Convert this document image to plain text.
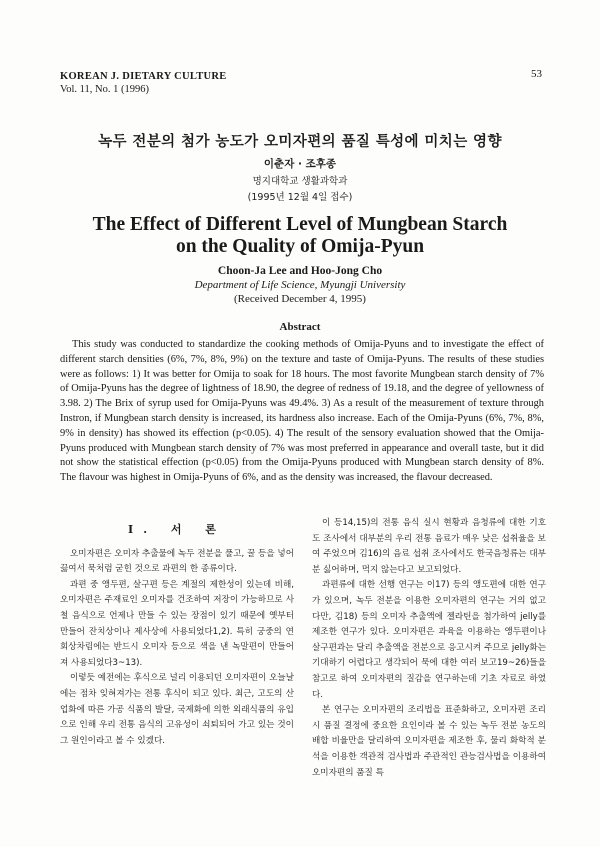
KOREAN J. DIETARY CULTURE
Vol. 11, No. 1 (1996)
53
녹두 전분의 첨가 농도가 오미자편의 품질 특성에 미치는 영향
이춘자 · 조후종
명지대학교 생활과학과
(1995년 12월 4일 접수)
The Effect of Different Level of Mungbean Starch
on the Quality of Omija-Pyun
Choon-Ja Lee and Hoo-Jong Cho
Department of Life Science, Myungji University
(Received December 4, 1995)
Abstract
This study was conducted to standardize the cooking methods of Omija-Pyuns and to investigate the effect of different starch densities (6%, 7%, 8%, 9%) on the texture and taste of Omija-Pyuns. The results of these studies were as follows: 1) It was better for Omija to soak for 18 hours. The most favorite Mungbean starch density of 7% of Omija-Pyuns has the degree of lightness of 18.90, the degree of redness of 19.18, and the degree of yellowness of 3.98. 2) The Brix of syrup used for Omija-Pyuns was 49.4%. 3) As a result of the measurement of texture through Instron, if Mungbean starch density is increased, its hardness also increase. Each of the Omija-Pyuns (6%, 7%, 8%, 9% in density) has showed its effection (p<0.05). 4) The result of the sensory evaluation showed that the Omija-Pyuns produced with Mungbean starch density of 7% was most preferred in appearance and overall taste, but it did not show the statistical effection (p<0.05) from the Omija-Pyuns produced with Mungbean starch density of 8%. The flavour was highest in Omija-Pyuns of 6%, and as the density was increased, the flavour decreased.
I. 서 론

오미자편은 오미자 추출물에 녹두 전분을 풀고, 꿀 등을 넣어 끓여서 묵처럼 굳힌 것으로 과편의 한 종류이다.

과편 중 앵두편, 살구편 등은 계절의 제한성이 있는데 비해, 오미자편은 주재료인 오미자를 건조하여 저장이 가능하므로 사철 음식으로 언제나 만들 수 있는 장점이 있기 때문에 옛부터 만들어 잔치상이나 제사상에 사용되었다1,2). 특히 궁중의 연회상차림에는 반드시 오미자 등으로 색을 낸 녹말편이 만들어져 사용되었다3~13).

이렇듯 예전에는 후식으로 널리 이용되던 오미자편이 오늘날에는 점차 잊혀져가는 전통 후식이 되고 있다. 최근, 고도의 산업화에 따른 가공 식품의 발달, 국제화에 의한 외래식품의 유입으로 인해 우리 전통 음식의 고유성이 쇠퇴되어 가고 있는 것이 그 원인이라고 볼 수 있겠다.

이 등14,15)의 전통 음식 실시 현황과 음청류에 대한 기호도 조사에서 대부분의 우리 전통 음료가 매우 낮은 섭취율을 보여 주었으며 김16)의 음료 섭취 조사에서도 한국음청류는 대부분 싫어하며, 먹지 않는다고 보고되었다.

과편류에 대한 선행 연구는 이17) 등의 앵도편에 대한 연구가 있으며, 녹두 전분을 이용한 오미자편의 연구는 거의 없고 다만, 김18) 등의 오미자 추출액에 젤라틴을 첨가하여 jelly를 제조한 연구가 있다. 오미자편은 과육을 이용하는 앵두편이나 살구편과는 달리 추출액을 전분으로 응고시켜 주므로 jelly화는 기대하기 어렵다고 생각되어 묵에 대한 여러 보고19~26)들을 참고로 하여 오미자편의 질감을 연구하는데 기초 자료로 하였다.

본 연구는 오미자편의 조리법을 표준화하고, 오미자편 조리시 품질 결정에 중요한 요인이라 볼 수 있는 녹두 전분 농도의 배합 비율만을 달리하여 오미자편을 제조한 후, 물리 화학적 분석을 이용한 객관적 검사법과 주관적인 관능검사법을 이용하여 오미자편의 품질 특
